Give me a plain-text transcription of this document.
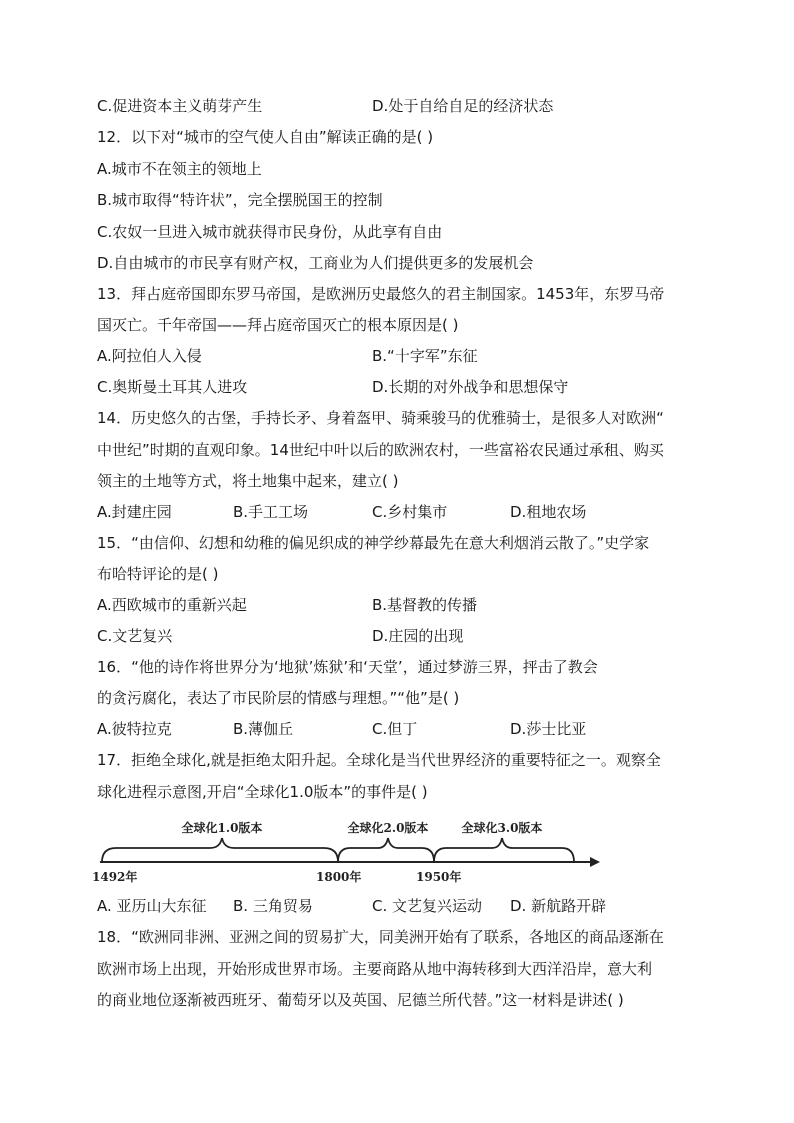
C.促进资本主义萌芽产生	D.处于自给自足的经济状态
12．以下对“城市的空气使人自由”解读正确的是( )
A.城市不在领主的领地上
B.城市取得“特许状”，完全摆脱国王的控制
C.农奴一旦进入城市就获得市民身份，从此享有自由
D.自由城市的市民享有财产权，工商业为人们提供更多的发展机会
13．拜占庭帝国即东罗马帝国，是欧洲历史最悠久的君主制国家。1453年，东罗马帝
国灭亡。千年帝国——拜占庭帝国灭亡的根本原因是( )
A.阿拉伯人入侵	B.“十字军”东征
C.奥斯曼土耳其人进攻	D.长期的对外战争和思想保守
14．历史悠久的古堡，手持长矛、身着盔甲、骑乘骏马的优雅骑士，是很多人对欧洲“
中世纪”时期的直观印象。14世纪中叶以后的欧洲农村，一些富裕农民通过承租、购买
领主的土地等方式，将土地集中起来，建立( )
A.封建庄园	B.手工工场	C.乡村集市	D.租地农场
15．“由信仰、幻想和幼稚的偏见织成的神学纱幕最先在意大利烟消云散了。”史学家
布哈特评论的是( )
A.西欧城市的重新兴起	B.基督教的传播
C.文艺复兴	D.庄园的出现
16．“他的诗作将世界分为‘地狱’炼狱’和‘天堂’，通过梦游三界，抨击了教会
的贪污腐化，表达了市民阶层的情感与理想。”“他”是( )
A.彼特拉克	B.薄伽丘	C.但丁	D.莎士比亚
17．拒绝全球化,就是拒绝太阳升起。全球化是当代世界经济的重要特征之一。观察全
球化进程示意图,开启“全球化1.0版本”的事件是( )
全球化1.0版本	全球化2.0版本	全球化3.0版本
1492年	1800年	1950年
A. 亚历山大东征 B. 三角贸易	C. 文艺复兴运动 D. 新航路开辟
18．“欧洲同非洲、亚洲之间的贸易扩大，同美洲开始有了联系，各地区的商品逐渐在
欧洲市场上出现，开始形成世界市场。主要商路从地中海转移到大西洋沿岸，意大利
的商业地位逐渐被西班牙、葡萄牙以及英国、尼德兰所代替。”这一材料是讲述( )
